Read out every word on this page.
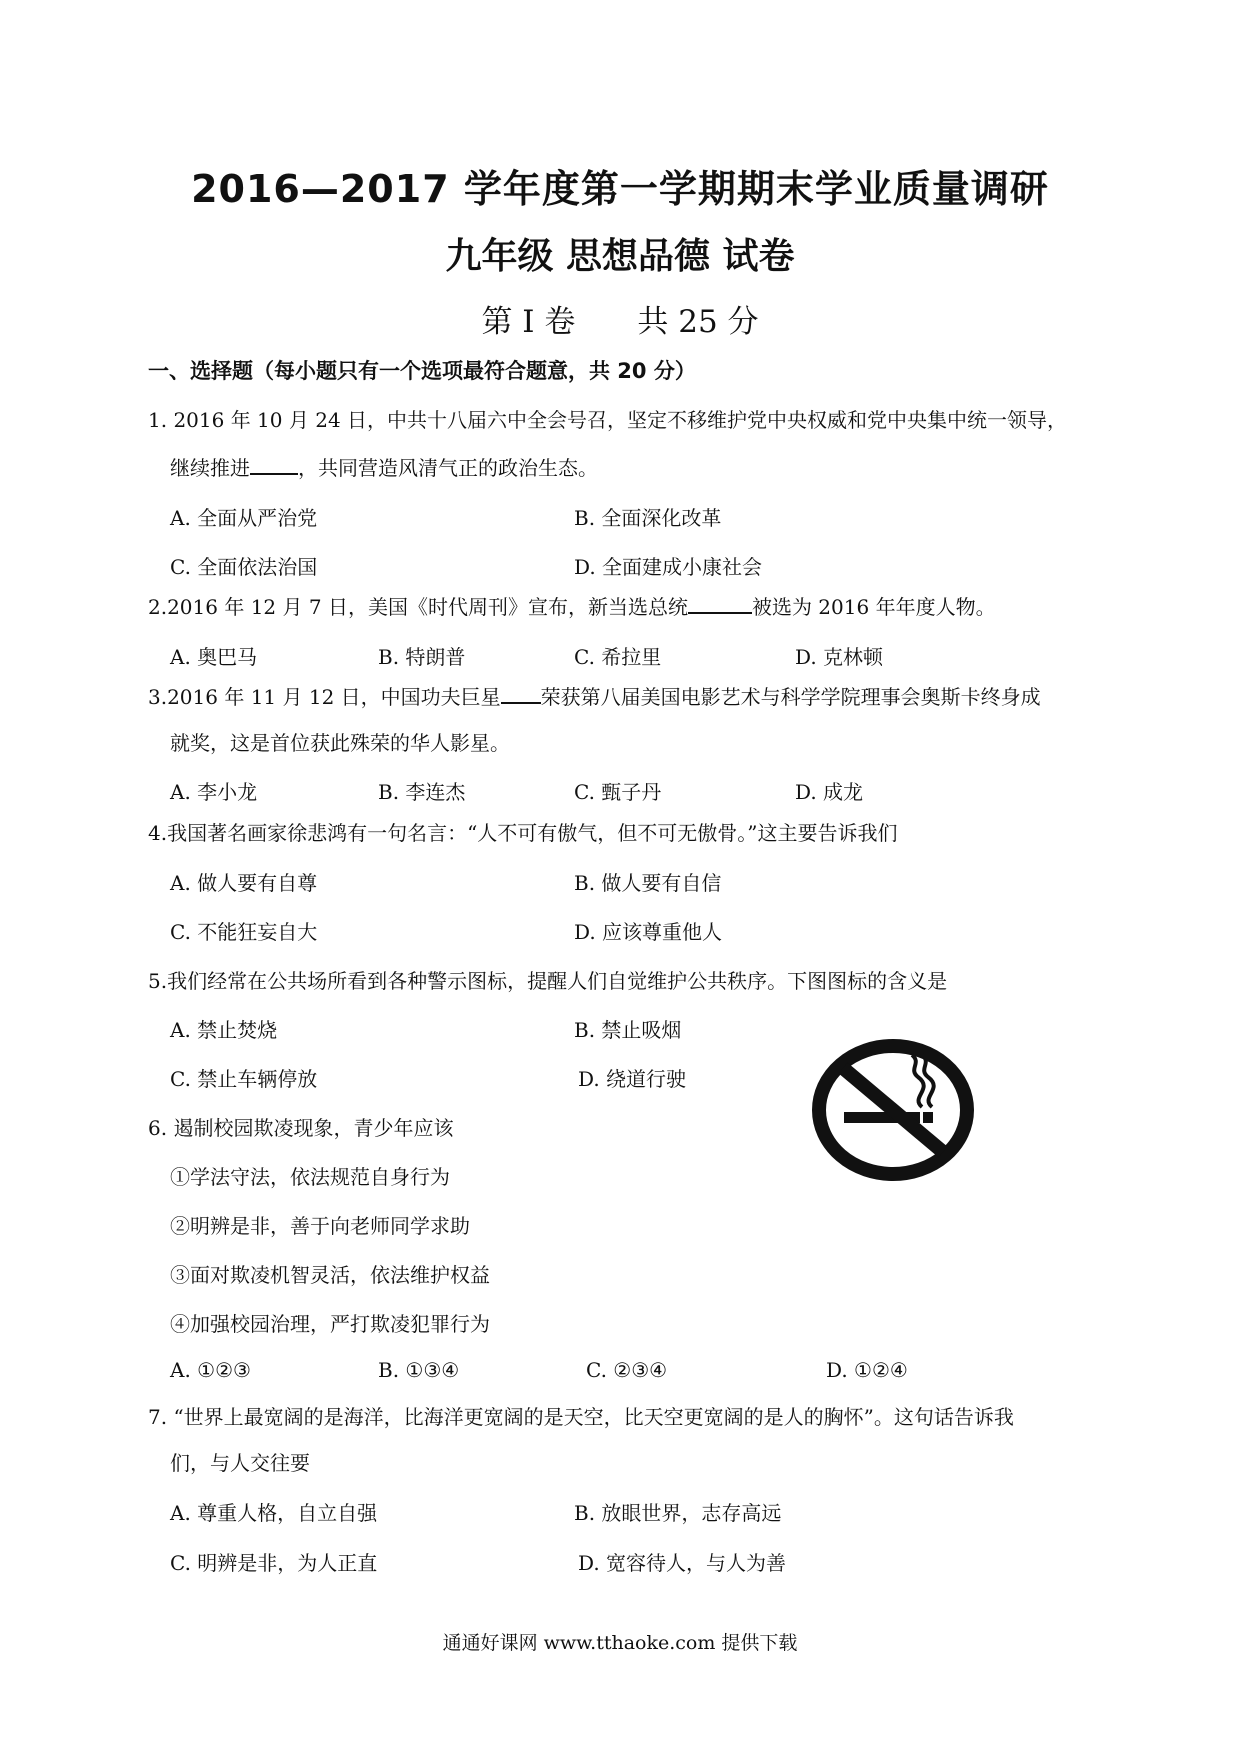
2016—2017 学年度第一学期期末学业质量调研
九年级 思想品德 试卷
第 I 卷　　共 25 分
一、选择题（每小题只有一个选项最符合题意，共 20 分）
1. 2016 年 10 月 24 日，中共十八届六中全会号召，坚定不移维护党中央权威和党中央集中统一领导，
继续推进 ，共同营造风清气正的政治生态。
A. 全面从严治党	B. 全面深化改革
C. 全面依法治国	D. 全面建成小康社会
2.2016 年 12 月 7 日，美国《时代周刊》宣布，新当选总统	被选为 2016 年年度人物。
A. 奥巴马	B. 特朗普	C. 希拉里	D. 克林顿
3.2016 年 11 月 12 日，中国功夫巨星 荣获第八届美国电影艺术与科学学院理事会奥斯卡终身成
就奖，这是首位获此殊荣的华人影星。
A. 李小龙	B. 李连杰	C. 甄子丹	D. 成龙
4.我国著名画家徐悲鸿有一句名言：“人不可有傲气，但不可无傲骨。”这主要告诉我们
A. 做人要有自尊	B. 做人要有自信
C. 不能狂妄自大	D. 应该尊重他人
5.我们经常在公共场所看到各种警示图标，提醒人们自觉维护公共秩序。下图图标的含义是
A. 禁止焚烧	B. 禁止吸烟
C. 禁止车辆停放	D. 绕道行驶
6. 遏制校园欺凌现象，青少年应该
①学法守法，依法规范自身行为
②明辨是非，善于向老师同学求助
③面对欺凌机智灵活，依法维护权益
④加强校园治理，严打欺凌犯罪行为
A. ①②③	B. ①③④	C. ②③④	D. ①②④
7. “世界上最宽阔的是海洋，比海洋更宽阔的是天空，比天空更宽阔的是人的胸怀”。这句话告诉我
们，与人交往要
A. 尊重人格，自立自强	B. 放眼世界，志存高远
C. 明辨是非，为人正直	D. 宽容待人，与人为善
通通好课网 www.tthaoke.com 提供下载
